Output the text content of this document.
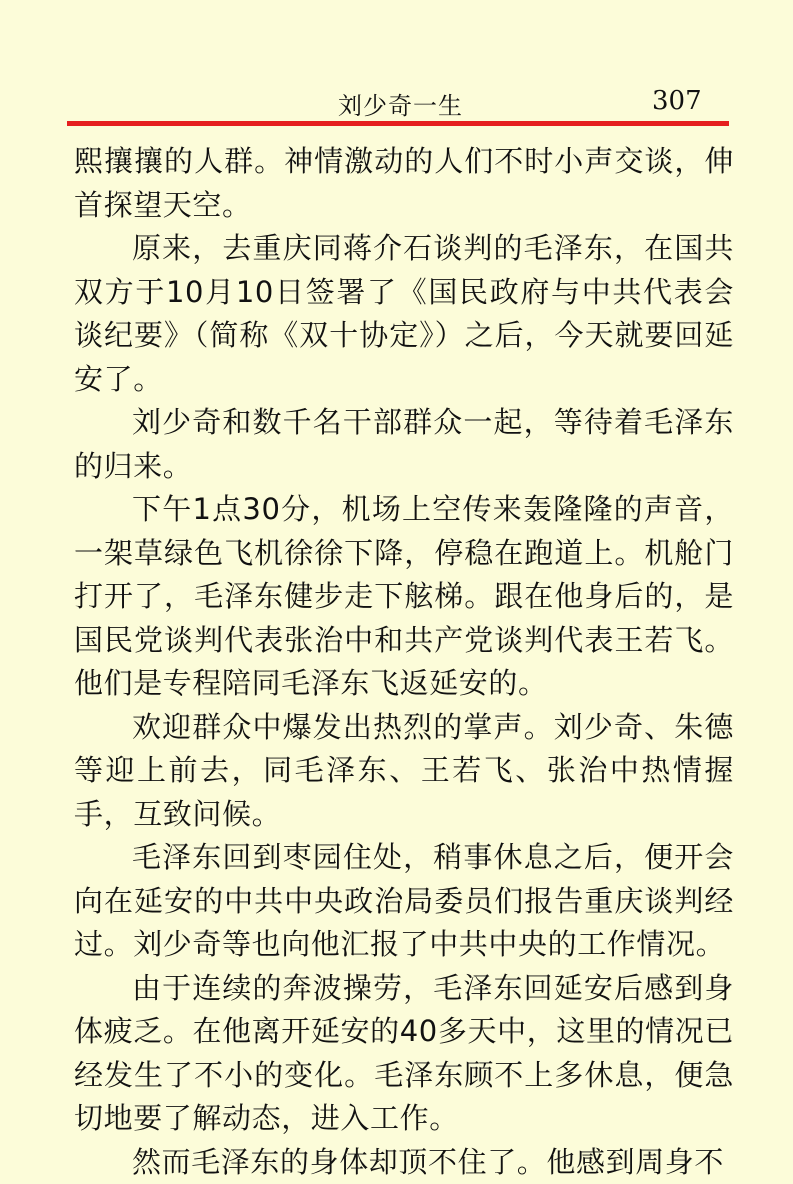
刘少奇一生	307

熙攘攘的人群。神情激动的人们不时小声交谈，伸首探望天空。

原来，去重庆同蒋介石谈判的毛泽东，在国共双方于10月10日签署了《国民政府与中共代表会谈纪要》（简称《双十协定》）之后，今天就要回延安了。

刘少奇和数千名干部群众一起，等待着毛泽东的归来。

下午1点30分，机场上空传来轰隆隆的声音，一架草绿色飞机徐徐下降，停稳在跑道上。机舱门打开了，毛泽东健步走下舷梯。跟在他身后的，是国民党谈判代表张治中和共产党谈判代表王若飞。他们是专程陪同毛泽东飞返延安的。

欢迎群众中爆发出热烈的掌声。刘少奇、朱德等迎上前去，同毛泽东、王若飞、张治中热情握手，互致问候。

毛泽东回到枣园住处，稍事休息之后，便开会向在延安的中共中央政治局委员们报告重庆谈判经过。刘少奇等也向他汇报了中共中央的工作情况。

由于连续的奔波操劳，毛泽东回延安后感到身体疲乏。在他离开延安的40多天中，这里的情况已经发生了不小的变化。毛泽东顾不上多休息，便急切地要了解动态，进入工作。

然而毛泽东的身体却顶不住了。他感到周身不
